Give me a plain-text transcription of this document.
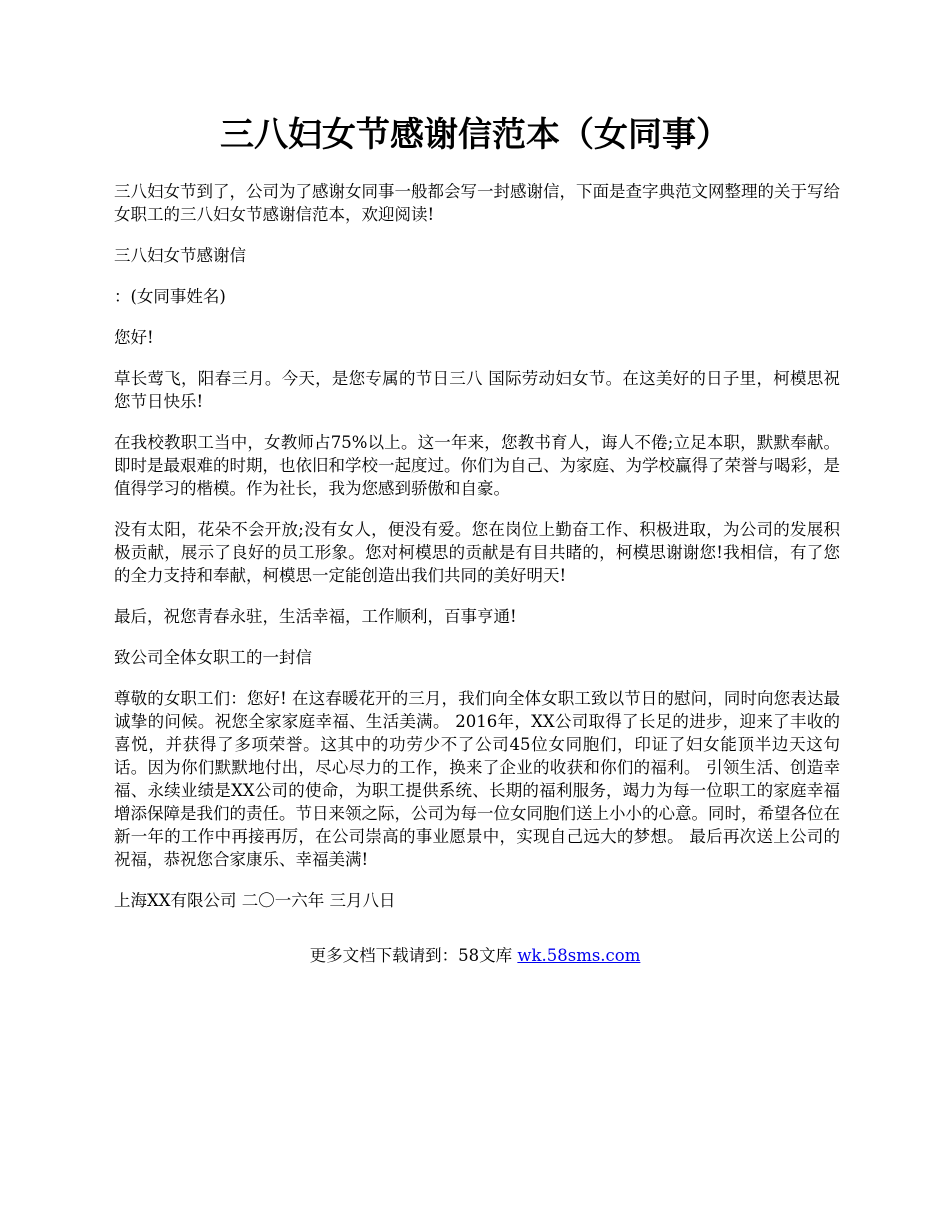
三八妇女节感谢信范本（女同事）

三八妇女节到了，公司为了感谢女同事一般都会写一封感谢信，下面是查字典范文网整理的关于写给女职工的三八妇女节感谢信范本，欢迎阅读!

三八妇女节感谢信

：(女同事姓名)

您好!

草长莺飞，阳春三月。今天，是您专属的节日三八 国际劳动妇女节。在这美好的日子里，柯模思祝您节日快乐!

在我校教职工当中，女教师占75%以上。这一年来，您教书育人，诲人不倦;立足本职，默默奉献。即时是最艰难的时期，也依旧和学校一起度过。你们为自己、为家庭、为学校赢得了荣誉与喝彩，是值得学习的楷模。作为社长，我为您感到骄傲和自豪。

没有太阳，花朵不会开放;没有女人，便没有爱。您在岗位上勤奋工作、积极进取，为公司的发展积极贡献，展示了良好的员工形象。您对柯模思的贡献是有目共睹的，柯模思谢谢您!我相信，有了您的全力支持和奉献，柯模思一定能创造出我们共同的美好明天!

最后，祝您青春永驻，生活幸福，工作顺利，百事亨通!

致公司全体女职工的一封信

尊敬的女职工们：您好! 在这春暖花开的三月，我们向全体女职工致以节日的慰问，同时向您表达最诚挚的问候。祝您全家家庭幸福、生活美满。 2016年，XX公司取得了长足的进步，迎来了丰收的喜悦，并获得了多项荣誉。这其中的功劳少不了公司45位女同胞们，印证了妇女能顶半边天这句话。因为你们默默地付出，尽心尽力的工作，换来了企业的收获和你们的福利。 引领生活、创造幸福、永续业绩是XX公司的使命，为职工提供系统、长期的福利服务，竭力为每一位职工的家庭幸福增添保障是我们的责任。节日来领之际，公司为每一位女同胞们送上小小的心意。同时，希望各位在新一年的工作中再接再厉，在公司崇高的事业愿景中，实现自己远大的梦想。 最后再次送上公司的祝福，恭祝您合家康乐、幸福美满!

上海XX有限公司 二〇一六年 三月八日

更多文档下载请到：58文库 wk.58sms.com
